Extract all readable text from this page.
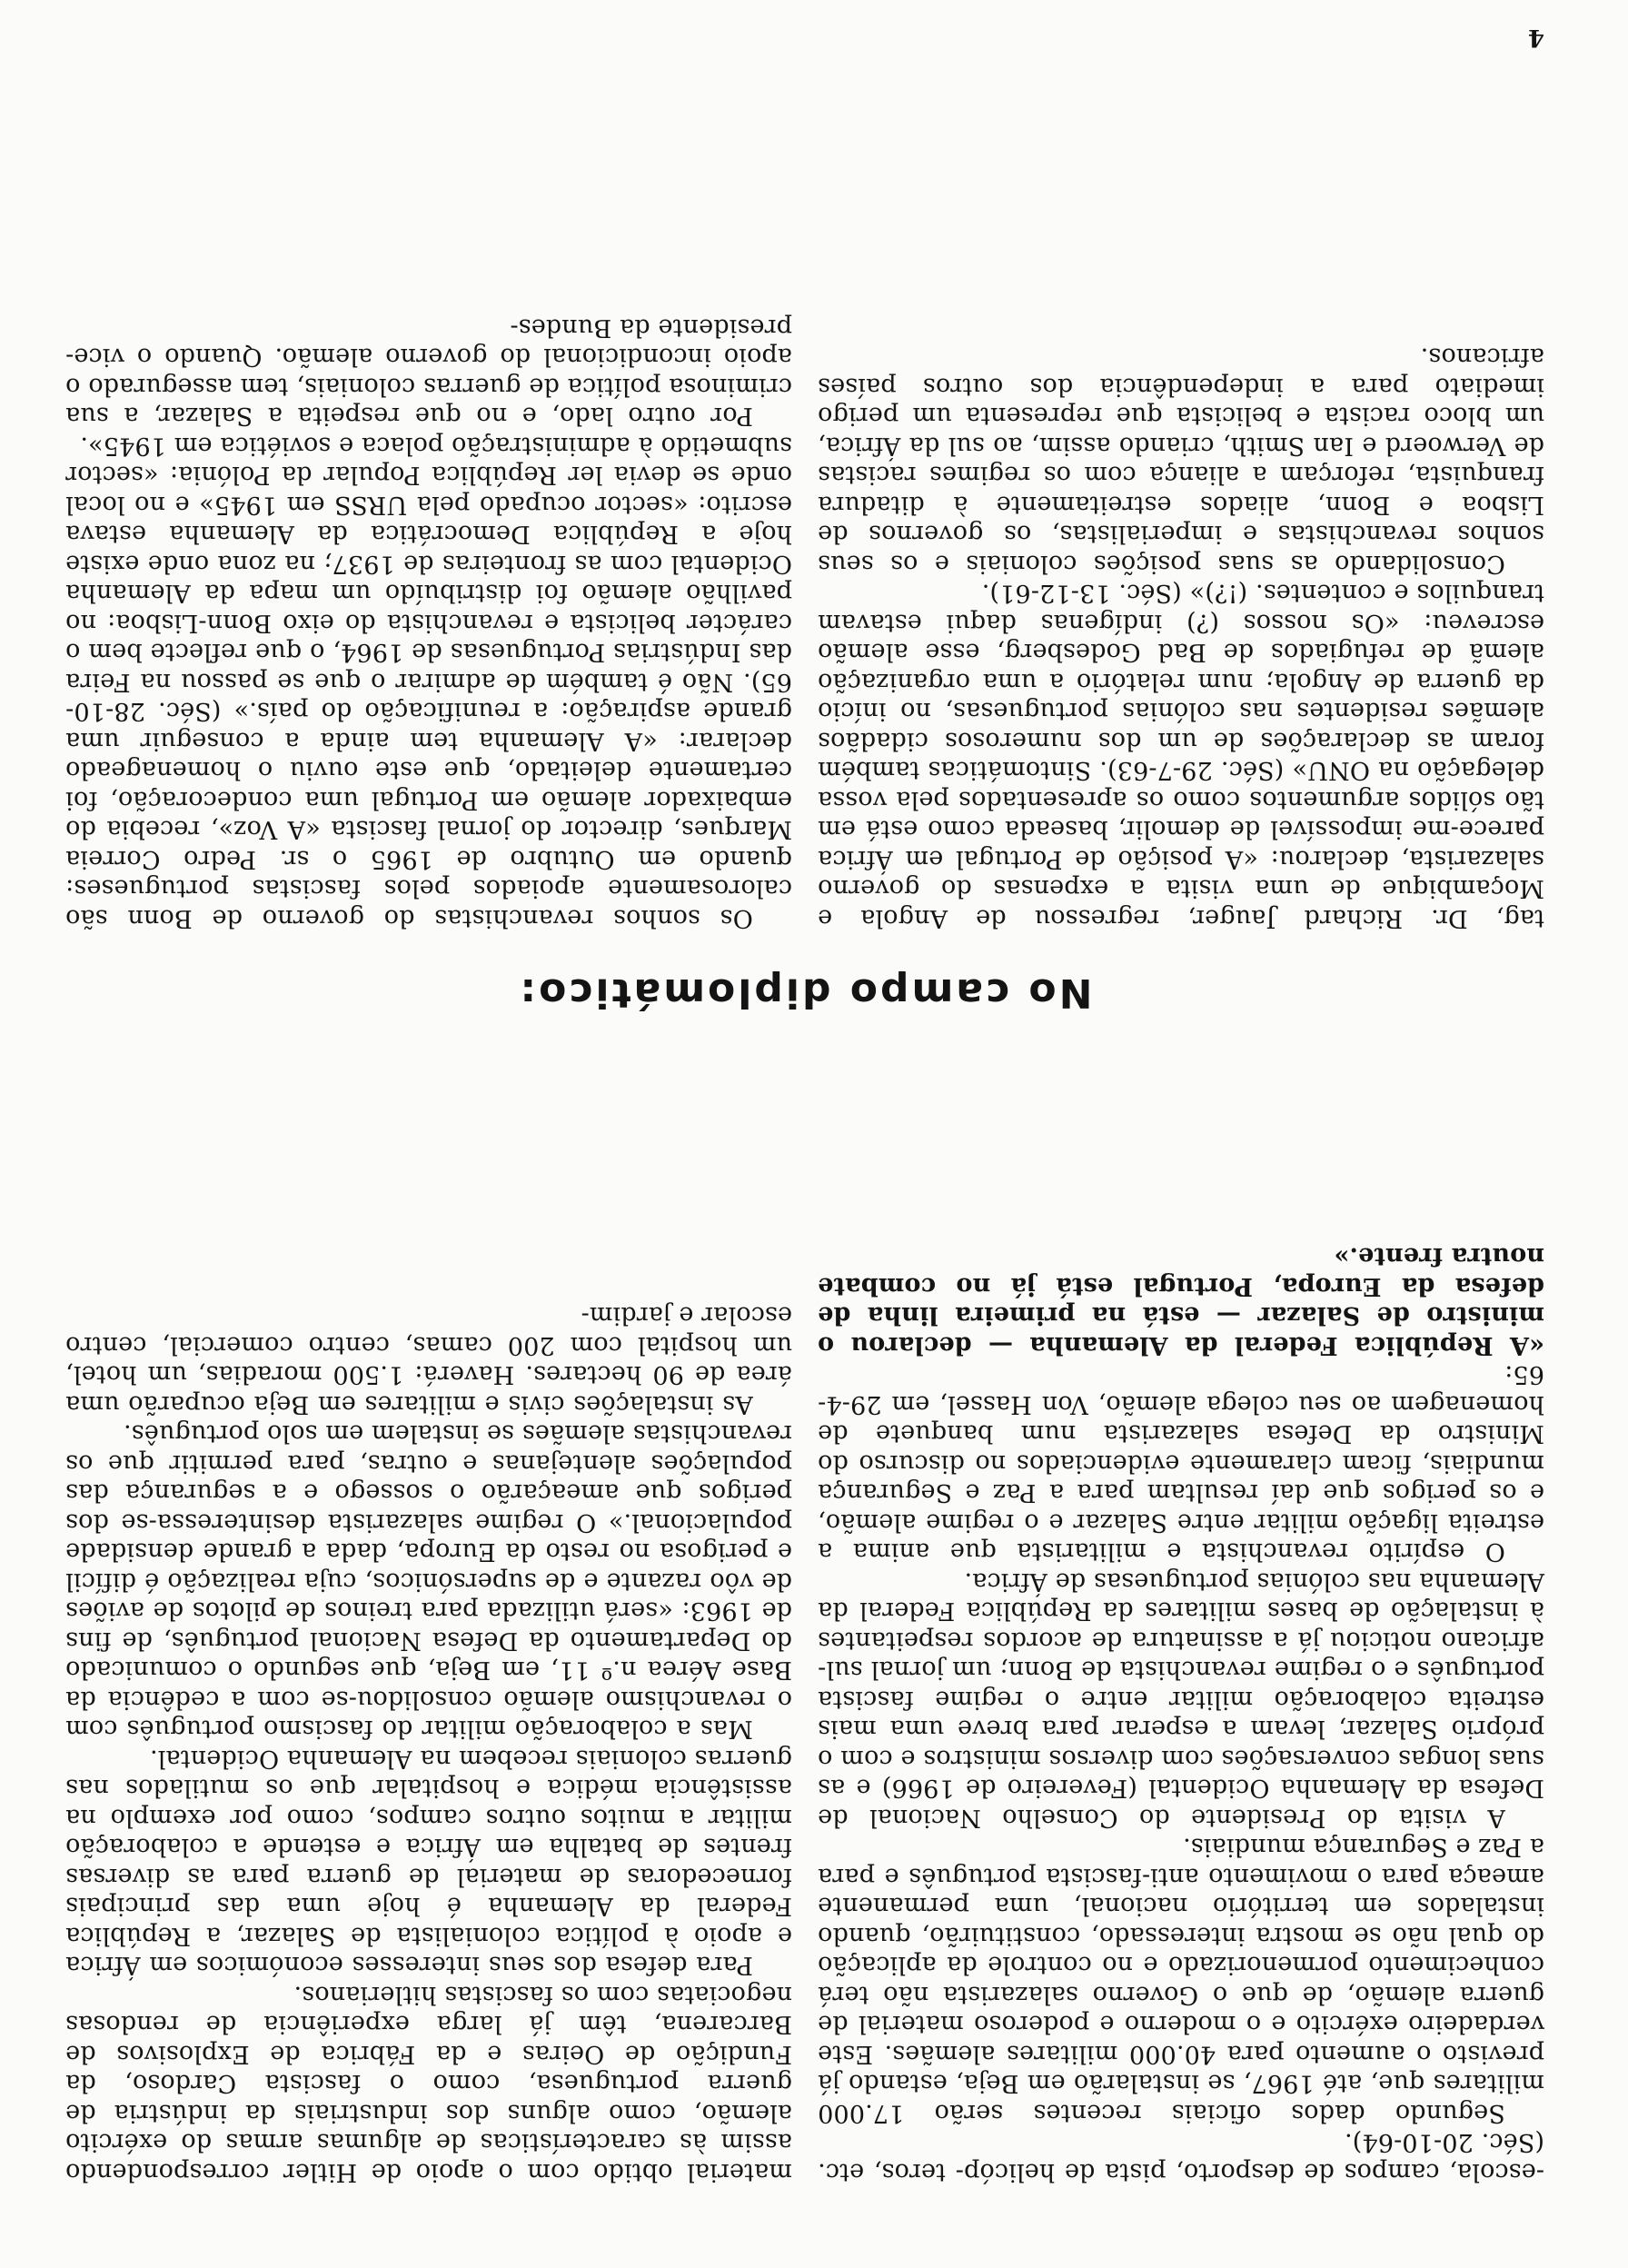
4

-escola, campos de desporto, pista de helicóp- teros, etc. (Séc. 20-10-64).

Segundo dados oficiais recentes serão 17.000 militares que, até 1967, se instalarão em Beja, estando já previsto o aumento para 40.000 militares alemães. Este verdadeiro exército e o moderno e poderoso material de guerra alemão, de que o Governo salazarista não terá conhecimento pormenorizado e no controle da aplicação do qual não se mostra interessado, constituirão, quando instalados em território nacional, uma permanente ameaça para o movimento anti-fascista português e para a Paz e Segurança mundiais.

A visita do Presidente do Conselho Nacional de Defesa da Alemanha Ocidental (Fevereiro de 1966) e as suas longas conversações com diversos ministros e com o próprio Salazar, levam a esperar para breve uma mais estreita colaboração militar entre o regime fascista português e o regime revanchista de Bonn; um jornal sul-africano noticiou já a assinatura de acordos respeitantes à instalação de bases militares da República Federal da Alemanha nas colónias portuguesas de África.

O espírito revanchista e militarista que anima a estreita ligação militar entre Salazar e o regime alemão, e os perigos que daí resultam para a Paz e Segurança mundiais, ficam claramente evidenciados no discurso do Ministro da Defesa salazarista num banquete de homenagem ao seu colega alemão, Von Hassel, em 29-4-65:

«A República Federal da Alemanha — declarou o ministro de Salazar — está na primeira linha de defesa da Europa, Portugal está já no combate noutra frente.»

material obtido com o apoio de Hitler correspondendo assim às características de algumas armas do exército alemão, como alguns dos industriais da indústria de guerra portuguesa, como o fascista Cardoso, da Fundição de Oeiras e da Fábrica de Explosivos de Barcarena, têm já larga experiência de rendosas negociatas com os fascistas hitlerianos.

Para defesa dos seus interesses económicos em África e apoio à política colonialista de Salazar, a República Federal da Alemanha é hoje uma das principais fornecedoras de material de guerra para as diversas frentes de batalha em África e estende a colaboração militar a muitos outros campos, como por exemplo na assistência médica e hospitalar que os mutilados nas guerras coloniais recebem na Alemanha Ocidental.

Mas a colaboração militar do fascismo português com o revanchismo alemão consolidou-se com a cedência da Base Aérea n.º 11, em Beja, que segundo o comunicado do Departamento da Defesa Nacional português, de fins de 1963: «será utilizada para treinos de pilotos de aviões de vôo razante e de supersónicos, cuja realização é difícil e perigosa no resto da Europa, dada a grande densidade populacional.» O regime salazarista desinteressa-se dos perigos que ameaçarão o sossego e a segurança das populações alentejanas e outras, para permitir que os revanchistas alemães se instalem em solo português.

As instalações civis e militares em Beja ocuparão uma área de 90 hectares. Haverá: 1.500 moradias, um hotel, um hospital com 200 camas, centro comercial, centro escolar e jardim-

No campo diplomático:

tag, Dr. Richard Jauger, regressou de Angola e Moçambique de uma visita a expensas do governo salazarista, declarou: «A posição de Portugal em África parece-me impossível de demolir, baseada como está em tão sólidos argumentos como os apresentados pela vossa delegação na ONU» (Séc. 29-7-63). Sintomáticas também foram as declarações de um dos numerosos cidadãos alemães residentes nas colónias portuguesas, no início da guerra de Angola; num relatório a uma organização alemã de refugiados de Bad Godesberg, esse alemão escreveu: «Os nossos (?) indígenas daqui estavam tranquilos e contentes. (!?)» (Séc. 13-12-61).

Consolidando as suas posições coloniais e os seus sonhos revanchistas e imperialistas, os governos de Lisboa e Bonn, aliados estreitamente à ditadura franquista, reforçam a aliança com os regimes racistas de Verwoerd e Ian Smith, criando assim, ao sul da África, um bloco racista e belicista que representa um perigo imediato para a independência dos outros países africanos.

Os sonhos revanchistas do governo de Bonn são calorosamente apoiados pelos fascistas portugueses: quando em Outubro de 1965 o sr. Pedro Correia Marques, director do jornal fascista «A Voz», recebia do embaixador alemão em Portugal uma condecoração, foi certamente deleitado, que este ouviu o homenageado declarar: «A Alemanha tem ainda a conseguir uma grande aspiração: a reunificação do país.» (Séc. 28-10-65). Não é também de admirar o que se passou na Feira das Indústrias Portuguesas de 1964, o que reflecte bem o carácter belicista e revanchista do eixo Bonn-Lisboa: no pavilhão alemão foi distribuído um mapa da Alemanha Ocidental com as fronteiras de 1937; na zona onde existe hoje a República Democrática da Alemanha estava escrito: «sector ocupado pela URSS em 1945» e no local onde se devia ler República Popular da Polónia: «sector submetido à administração polaca e soviética em 1945».

Por outro lado, e no que respeita a Salazar, a sua criminosa política de guerras coloniais, tem assegurado o apoio incondicional do governo alemão. Quando o vice-presidente da Bundes-
